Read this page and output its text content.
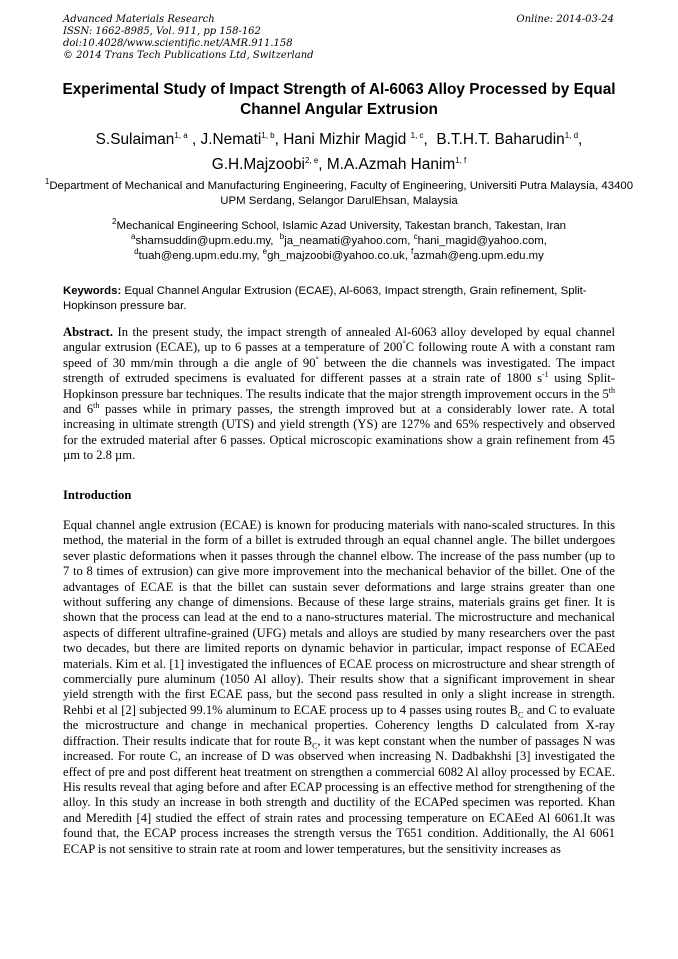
Advanced Materials Research
ISSN: 1662-8985, Vol. 911, pp 158-162
doi:10.4028/www.scientific.net/AMR.911.158
© 2014 Trans Tech Publications Ltd, Switzerland
Online: 2014-03-24
Experimental Study of Impact Strength of Al-6063 Alloy Processed by Equal Channel Angular Extrusion
S.Sulaiman$^{1, a}$ , J.Nemati$^{1, b}$, Hani Mizhir Magid $^{1, c}$,  B.T.H.T. Baharudin$^{1, d}$,
G.H.Majzoobi$^{2, e}$, M.A.Azmah Hanim$^{1, f}$
$^1$Department of Mechanical and Manufacturing Engineering, Faculty of Engineering, Universiti Putra Malaysia, 43400 UPM Serdang, Selangor DarulEhsan, Malaysia
$^2$Mechanical Engineering School, Islamic Azad University, Takestan branch, Takestan, Iran
$^a$shamsuddin@upm.edu.my,  $^b$ja_neamati@yahoo.com, $^c$hani_magid@yahoo.com,
$^d$tuah@eng.upm.edu.my, $^e$gh_majzoobi@yahoo.co.uk, $^f$azmah@eng.upm.edu.my
Keywords: Equal Channel Angular Extrusion (ECAE), Al-6063, Impact strength, Grain refinement, Split-Hopkinson pressure bar.
Abstract. In the present study, the impact strength of annealed Al-6063 alloy developed by equal channel angular extrusion (ECAE), up to 6 passes at a temperature of 200°C following route A with a constant ram speed of 30 mm/min through a die angle of 90° between the die channels was investigated. The impact strength of extruded specimens is evaluated for different passes at a strain rate of 1800 $s^{-1}$ using Split-Hopkinson pressure bar techniques. The results indicate that the major strength improvement occurs in the 5th and 6th passes while in primary passes, the strength improved but at a considerably lower rate. A total increasing in ultimate strength (UTS) and yield strength (YS) are 127% and 65% respectively and observed for the extruded material after 6 passes. Optical microscopic examinations show a grain refinement from 45 µm to 2.8 µm.
Introduction
Equal channel angle extrusion (ECAE) is known for producing materials with nano-scaled structures. In this method, the material in the form of a billet is extruded through an equal channel angle. The billet undergoes sever plastic deformations when it passes through the channel elbow. The increase of the pass number (up to 7 to 8 times of extrusion) can give more improvement into the mechanical behavior of the billet. One of the advantages of ECAE is that the billet can sustain sever deformations and large strains greater than one without suffering any change of dimensions. Because of these large strains, materials grains get finer. It is shown that the process can lead at the end to a nano-structures material. The microstructure and mechanical aspects of different ultrafine-grained (UFG) metals and alloys are studied by many researchers over the past two decades, but there are limited reports on dynamic behavior in particular, impact response of ECAEed materials. Kim et al. [1] investigated the influences of ECAE process on microstructure and shear strength of commercially pure aluminum (1050 Al alloy). Their results show that a significant improvement in shear yield strength with the first ECAE pass, but the second pass resulted in only a slight increase in strength. Rehbi et al [2] subjected 99.1% aluminum to ECAE process up to 4 passes using routes $B_C$ and C to evaluate the microstructure and change in mechanical properties. Coherency lengths D calculated from X-ray diffraction. Their results indicate that for route $B_C$, it was kept constant when the number of passages N was increased. For route C, an increase of D was observed when increasing N. Dadbakhshi [3] investigated the effect of pre and post different heat treatment on strengthen a commercial 6082 Al alloy processed by ECAE. His results reveal that aging before and after ECAP processing is an effective method for strengthening of the alloy. In this study an increase in both strength and ductility of the ECAPed specimen was reported. Khan and Meredith [4] studied the effect of strain rates and processing temperature on ECAEed Al 6061.It was found that, the ECAP process increases the strength versus the T651 condition. Additionally, the Al 6061 ECAP is not sensitive to strain rate at room and lower temperatures, but the sensitivity increases as
